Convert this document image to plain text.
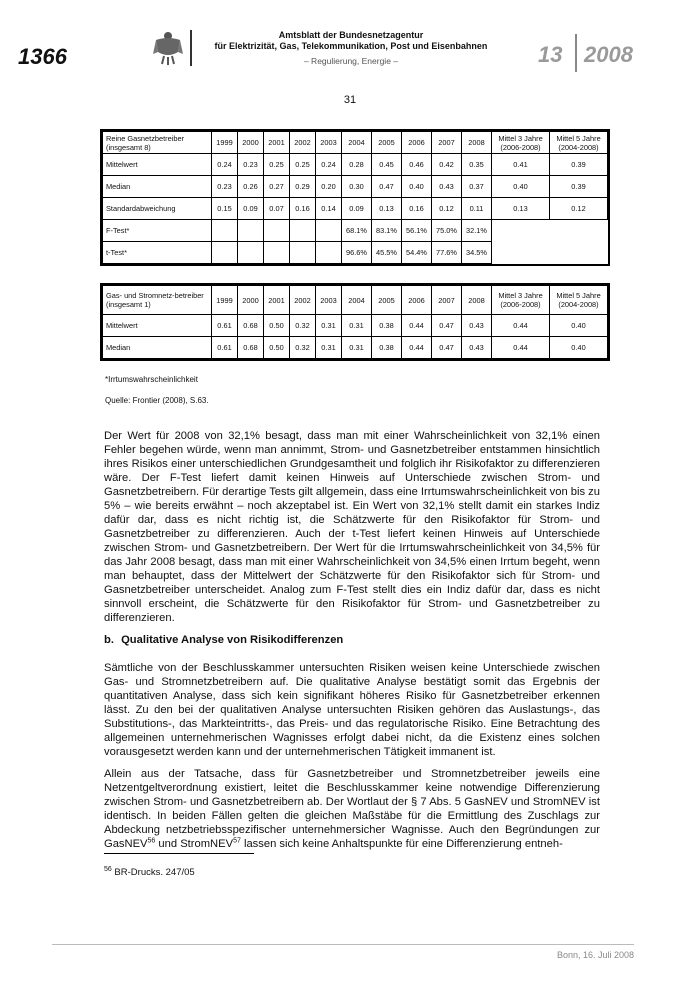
1366
Amtsblatt der Bundesnetzagentur
für Elektrizität, Gas, Telekommunikation, Post und Eisenbahnen
– Regulierung, Energie –	13 2008
31
Reine Gasnetzbetreiber (insgesamt 8)	1999	2000	2001	2002	2003	2004	2005	2006	2007	2008	Mittel 3 Jahre (2006-2008)	Mittel 5 Jahre (2004-2008)
Mittelwert	0.24	0.23	0.25	0.25	0.24	0.28	0.45	0.46	0.42	0.35	0.41	0.39
Median	0.23	0.26	0.27	0.29	0.20	0.30	0.47	0.40	0.43	0.37	0.40	0.39
Standardabweichung	0.15	0.09	0.07	0.16	0.14	0.09	0.13	0.16	0.12	0.11	0.13	0.12
F-Test*						68.1%	83.1%	56.1%	75.0%	32.1%		
t-Test*						96.6%	45.5%	54.4%	77.6%	34.5%		
Gas- und Stromnetz-betreiber (insgesamt 1)	1999	2000	2001	2002	2003	2004	2005	2006	2007	2008	Mittel 3 Jahre (2006-2008)	Mittel 5 Jahre (2004-2008)
Mittelwert	0.61	0.68	0.50	0.32	0.31	0.31	0.38	0.44	0.47	0.43	0.44	0.40
Median	0.61	0.68	0.50	0.32	0.31	0.31	0.38	0.44	0.47	0.43	0.44	0.40
*Irrtumswahrscheinlichkeit
Quelle: Frontier (2008), S.63.

Der Wert für 2008 von 32,1% besagt, dass man mit einer Wahrscheinlichkeit von 32,1% einen Fehler begehen würde, wenn man annimmt, Strom- und Gasnetzbetreiber entstammen hinsichtlich ihres Risikos einer unterschiedlichen Grundgesamtheit und folglich ihr Risikofaktor zu differenzieren wäre. Der F-Test liefert damit keinen Hinweis auf Unterschiede zwischen Strom- und Gasnetzbetreibern. Für derartige Tests gilt allgemein, dass eine Irrtumswahrscheinlichkeit von bis zu 5% – wie bereits erwähnt – noch akzeptabel ist. Ein Wert von 32,1% stellt damit ein starkes Indiz dafür dar, dass es nicht richtig ist, die Schätzwerte für den Risikofaktor für Strom- und Gasnetzbetreiber zu differenzieren. Auch der t-Test liefert keinen Hinweis auf Unterschiede zwischen Strom- und Gasnetzbetreibern. Der Wert für die Irrtumswahrscheinlichkeit von 34,5% für das Jahr 2008 besagt, dass man mit einer Wahrscheinlichkeit von 34,5% einen Irrtum begeht, wenn man behauptet, dass der Mittelwert der Schätzwerte für den Risikofaktor sich für Strom- und Gasnetzbetreiber unterscheidet. Analog zum F-Test stellt dies ein Indiz dafür dar, dass es nicht sinnvoll erscheint, die Schätzwerte für den Risikofaktor für Strom- und Gasnetzbetreiber zu differenzieren.

b. Qualitative Analyse von Risikodifferenzen

Sämtliche von der Beschlusskammer untersuchten Risiken weisen keine Unterschiede zwischen Gas- und Stromnetzbetreibern auf. Die qualitative Analyse bestätigt somit das Ergebnis der quantitativen Analyse, dass sich kein signifikant höheres Risiko für Gasnetzbetreiber erkennen lässt. Zu den bei der qualitativen Analyse untersuchten Risiken gehören das Auslastungs-, das Substitutions-, das Markteintritts-, das Preis- und das regulatorische Risiko. Eine Betrachtung des allgemeinen unternehmerischen Wagnisses erfolgt dabei nicht, da die Existenz eines solchen vorausgesetzt werden kann und der unternehmerischen Tätigkeit immanent ist.

Allein aus der Tatsache, dass für Gasnetzbetreiber und Stromnetzbetreiber jeweils eine Netzentgeltverordnung existiert, leitet die Beschlusskammer keine notwendige Differenzierung zwischen Strom- und Gasnetzbetreibern ab. Der Wortlaut der § 7 Abs. 5 GasNEV und StromNEV ist identisch. In beiden Fällen gelten die gleichen Maßstäbe für die Ermittlung des Zuschlags zur Abdeckung netzbetriebsspezifischer unternehmersicher Wagnisse. Auch den Begründungen zur GasNEV$^{56}$ und StromNEV$^{57}$ lassen sich keine Anhaltspunkte für eine Differenzierung entneh-

$^{56}$ BR-Drucks. 247/05
Bonn, 16. Juli 2008
